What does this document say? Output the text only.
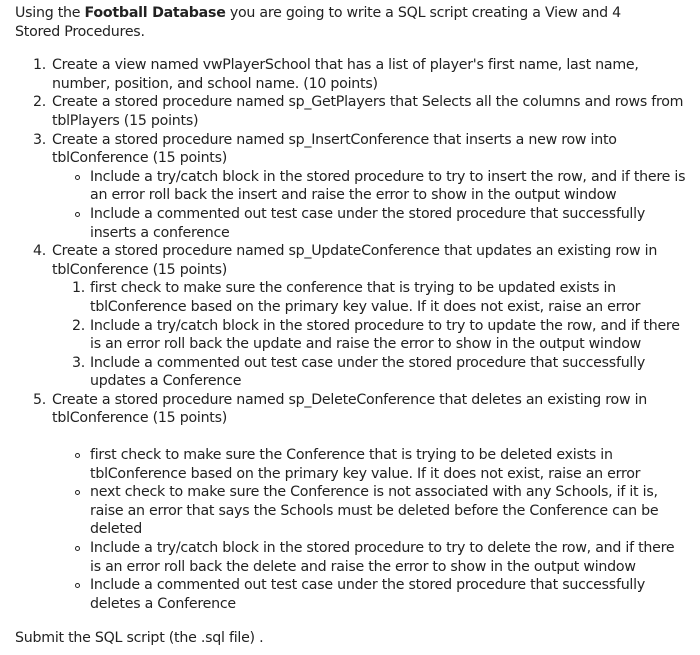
Using the Football Database you are going to write a SQL script creating a View and 4 Stored Procedures.

1. Create a view named vwPlayerSchool that has a list of player's first name, last name, number, position, and school name. (10 points)
2. Create a stored procedure named sp_GetPlayers that Selects all the columns and rows from tblPlayers (15 points)
3. Create a stored procedure named sp_InsertConference that inserts a new row into tblConference (15 points)
Include a try/catch block in the stored procedure to try to insert the row, and if there is an error roll back the insert and raise the error to show in the output window
Include a commented out test case under the stored procedure that successfully inserts a conference
4. Create a stored procedure named sp_UpdateConference that updates an existing row in tblConference (15 points)
1. first check to make sure the conference that is trying to be updated exists in tblConference based on the primary key value. If it does not exist, raise an error
2. Include a try/catch block in the stored procedure to try to update the row, and if there is an error roll back the update and raise the error to show in the output window
3. Include a commented out test case under the stored procedure that successfully updates a Conference
5. Create a stored procedure named sp_DeleteConference that deletes an existing row in tblConference (15 points)
first check to make sure the Conference that is trying to be deleted exists in tblConference based on the primary key value. If it does not exist, raise an error
next check to make sure the Conference is not associated with any Schools, if it is, raise an error that says the Schools must be deleted before the Conference can be deleted
Include a try/catch block in the stored procedure to try to delete the row, and if there is an error roll back the delete and raise the error to show in the output window
Include a commented out test case under the stored procedure that successfully deletes a Conference

Submit the SQL script (the .sql file) .
